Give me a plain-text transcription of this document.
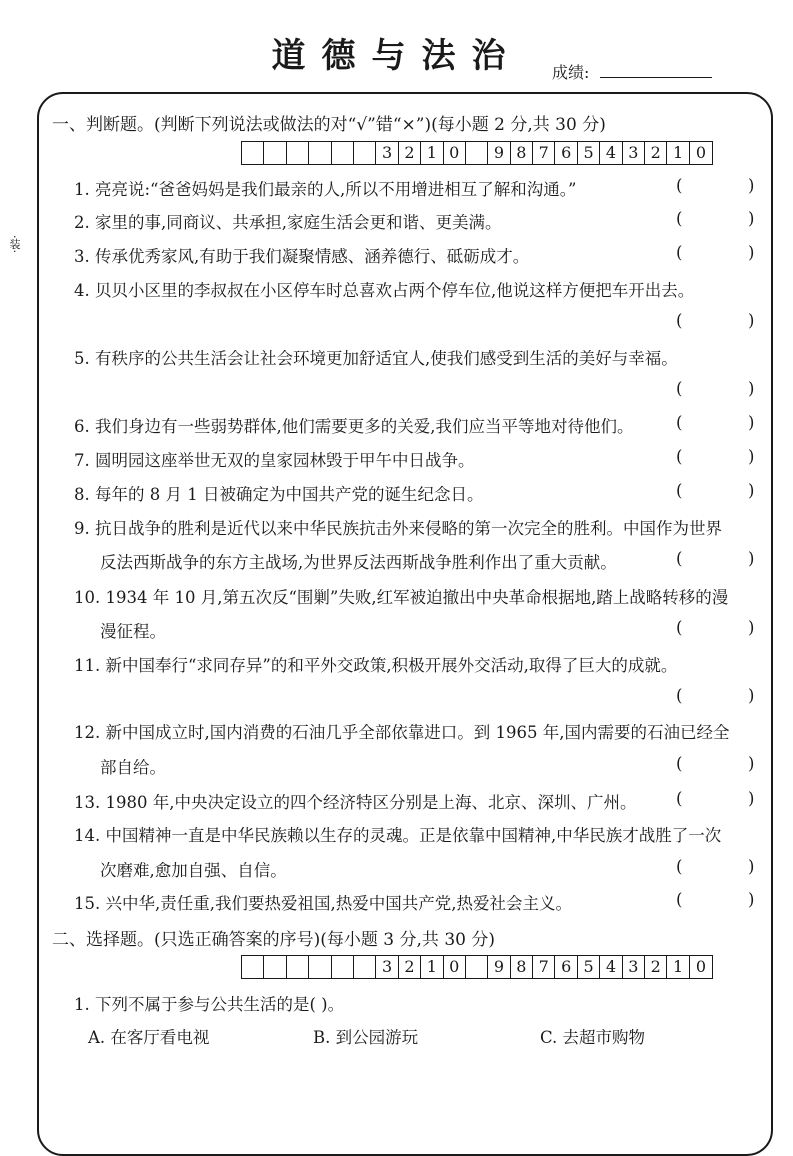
道德与法治	成绩:
·装·
一、判断题。(判断下列说法或做法的对“√”错“×”)(每小题 2 分,共 30 分)
3 2 1 0	9 8 7 6 5 4 3 2 1 0
1. 亮亮说:“爸爸妈妈是我们最亲的人,所以不用增进相互了解和沟通。”	(	)
2. 家里的事,同商议、共承担,家庭生活会更和谐、更美满。	(	)
3. 传承优秀家风,有助于我们凝聚情感、涵养德行、砥砺成才。	(	)
4. 贝贝小区里的李叔叔在小区停车时总喜欢占两个停车位,他说这样方便把车开出去。
(	)
5. 有秩序的公共生活会让社会环境更加舒适宜人,使我们感受到生活的美好与幸福。
(	)
6. 我们身边有一些弱势群体,他们需要更多的关爱,我们应当平等地对待他们。	(	)
7. 圆明园这座举世无双的皇家园林毁于甲午中日战争。	(	)
8. 每年的 8 月 1 日被确定为中国共产党的诞生纪念日。	(	)
9. 抗日战争的胜利是近代以来中华民族抗击外来侵略的第一次完全的胜利。中国作为世界
反法西斯战争的东方主战场,为世界反法西斯战争胜利作出了重大贡献。	(	)
10. 1934 年 10 月,第五次反“围剿”失败,红军被迫撤出中央革命根据地,踏上战略转移的漫
漫征程。	(	)
11. 新中国奉行“求同存异”的和平外交政策,积极开展外交活动,取得了巨大的成就。
(	)
12. 新中国成立时,国内消费的石油几乎全部依靠进口。到 1965 年,国内需要的石油已经全
部自给。	(	)
13. 1980 年,中央决定设立的四个经济特区分别是上海、北京、深圳、广州。 (	)
14. 中国精神一直是中华民族赖以生存的灵魂。正是依靠中国精神,中华民族才战胜了一次
次磨难,愈加自强、自信。	(	)
15. 兴中华,责任重,我们要热爱祖国,热爱中国共产党,热爱社会主义。	(	)
二、选择题。(只选正确答案的序号)(每小题 3 分,共 30 分)
3 2 1 0	9 8 7 6 5 4 3 2 1 0
1. 下列不属于参与公共生活的是( )。
A. 在客厅看电视	B. 到公园游玩	C. 去超市购物
